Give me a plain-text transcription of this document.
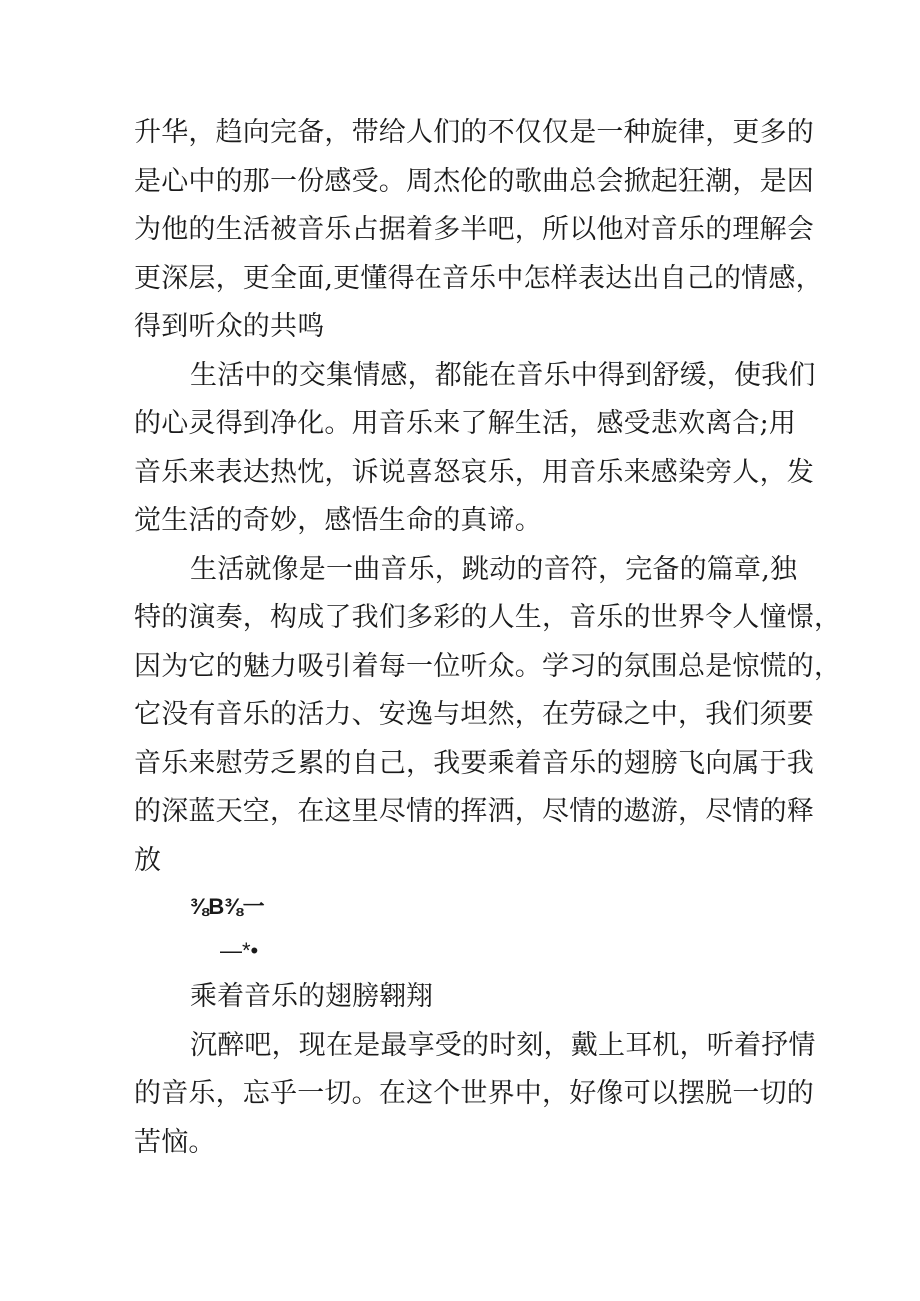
升华，趋向完备，带给人们的不仅仅是一种旋律，更多的
是心中的那一份感受。周杰伦的歌曲总会掀起狂潮，是因
为他的生活被音乐占据着多半吧，所以他对音乐的理解会
更深层，更全面,更懂得在音乐中怎样表达出自己的情感，
得到听众的共鸣
生活中的交集情感，都能在音乐中得到舒缓，使我们
的心灵得到净化。用音乐来了解生活，感受悲欢离合;用
音乐来表达热忱，诉说喜怒哀乐，用音乐来感染旁人，发
觉生活的奇妙，感悟生命的真谛。
生活就像是一曲音乐，跳动的音符，完备的篇章,独
特的演奏，构成了我们多彩的人生，音乐的世界令人憧憬，
因为它的魅力吸引着每一位听众。学习的氛围总是惊慌的，
它没有音乐的活力、安逸与坦然，在劳碌之中，我们须要
音乐来慰劳乏累的自己，我要乘着音乐的翅膀飞向属于我
的深蓝天空，在这里尽情的挥洒，尽情的遨游，尽情的释
放
⅜B⅜一
—*•
乘着音乐的翅膀翱翔
沉醉吧，现在是最享受的时刻，戴上耳机，听着抒情
的音乐，忘乎一切。在这个世界中，好像可以摆脱一切的
苦恼。
